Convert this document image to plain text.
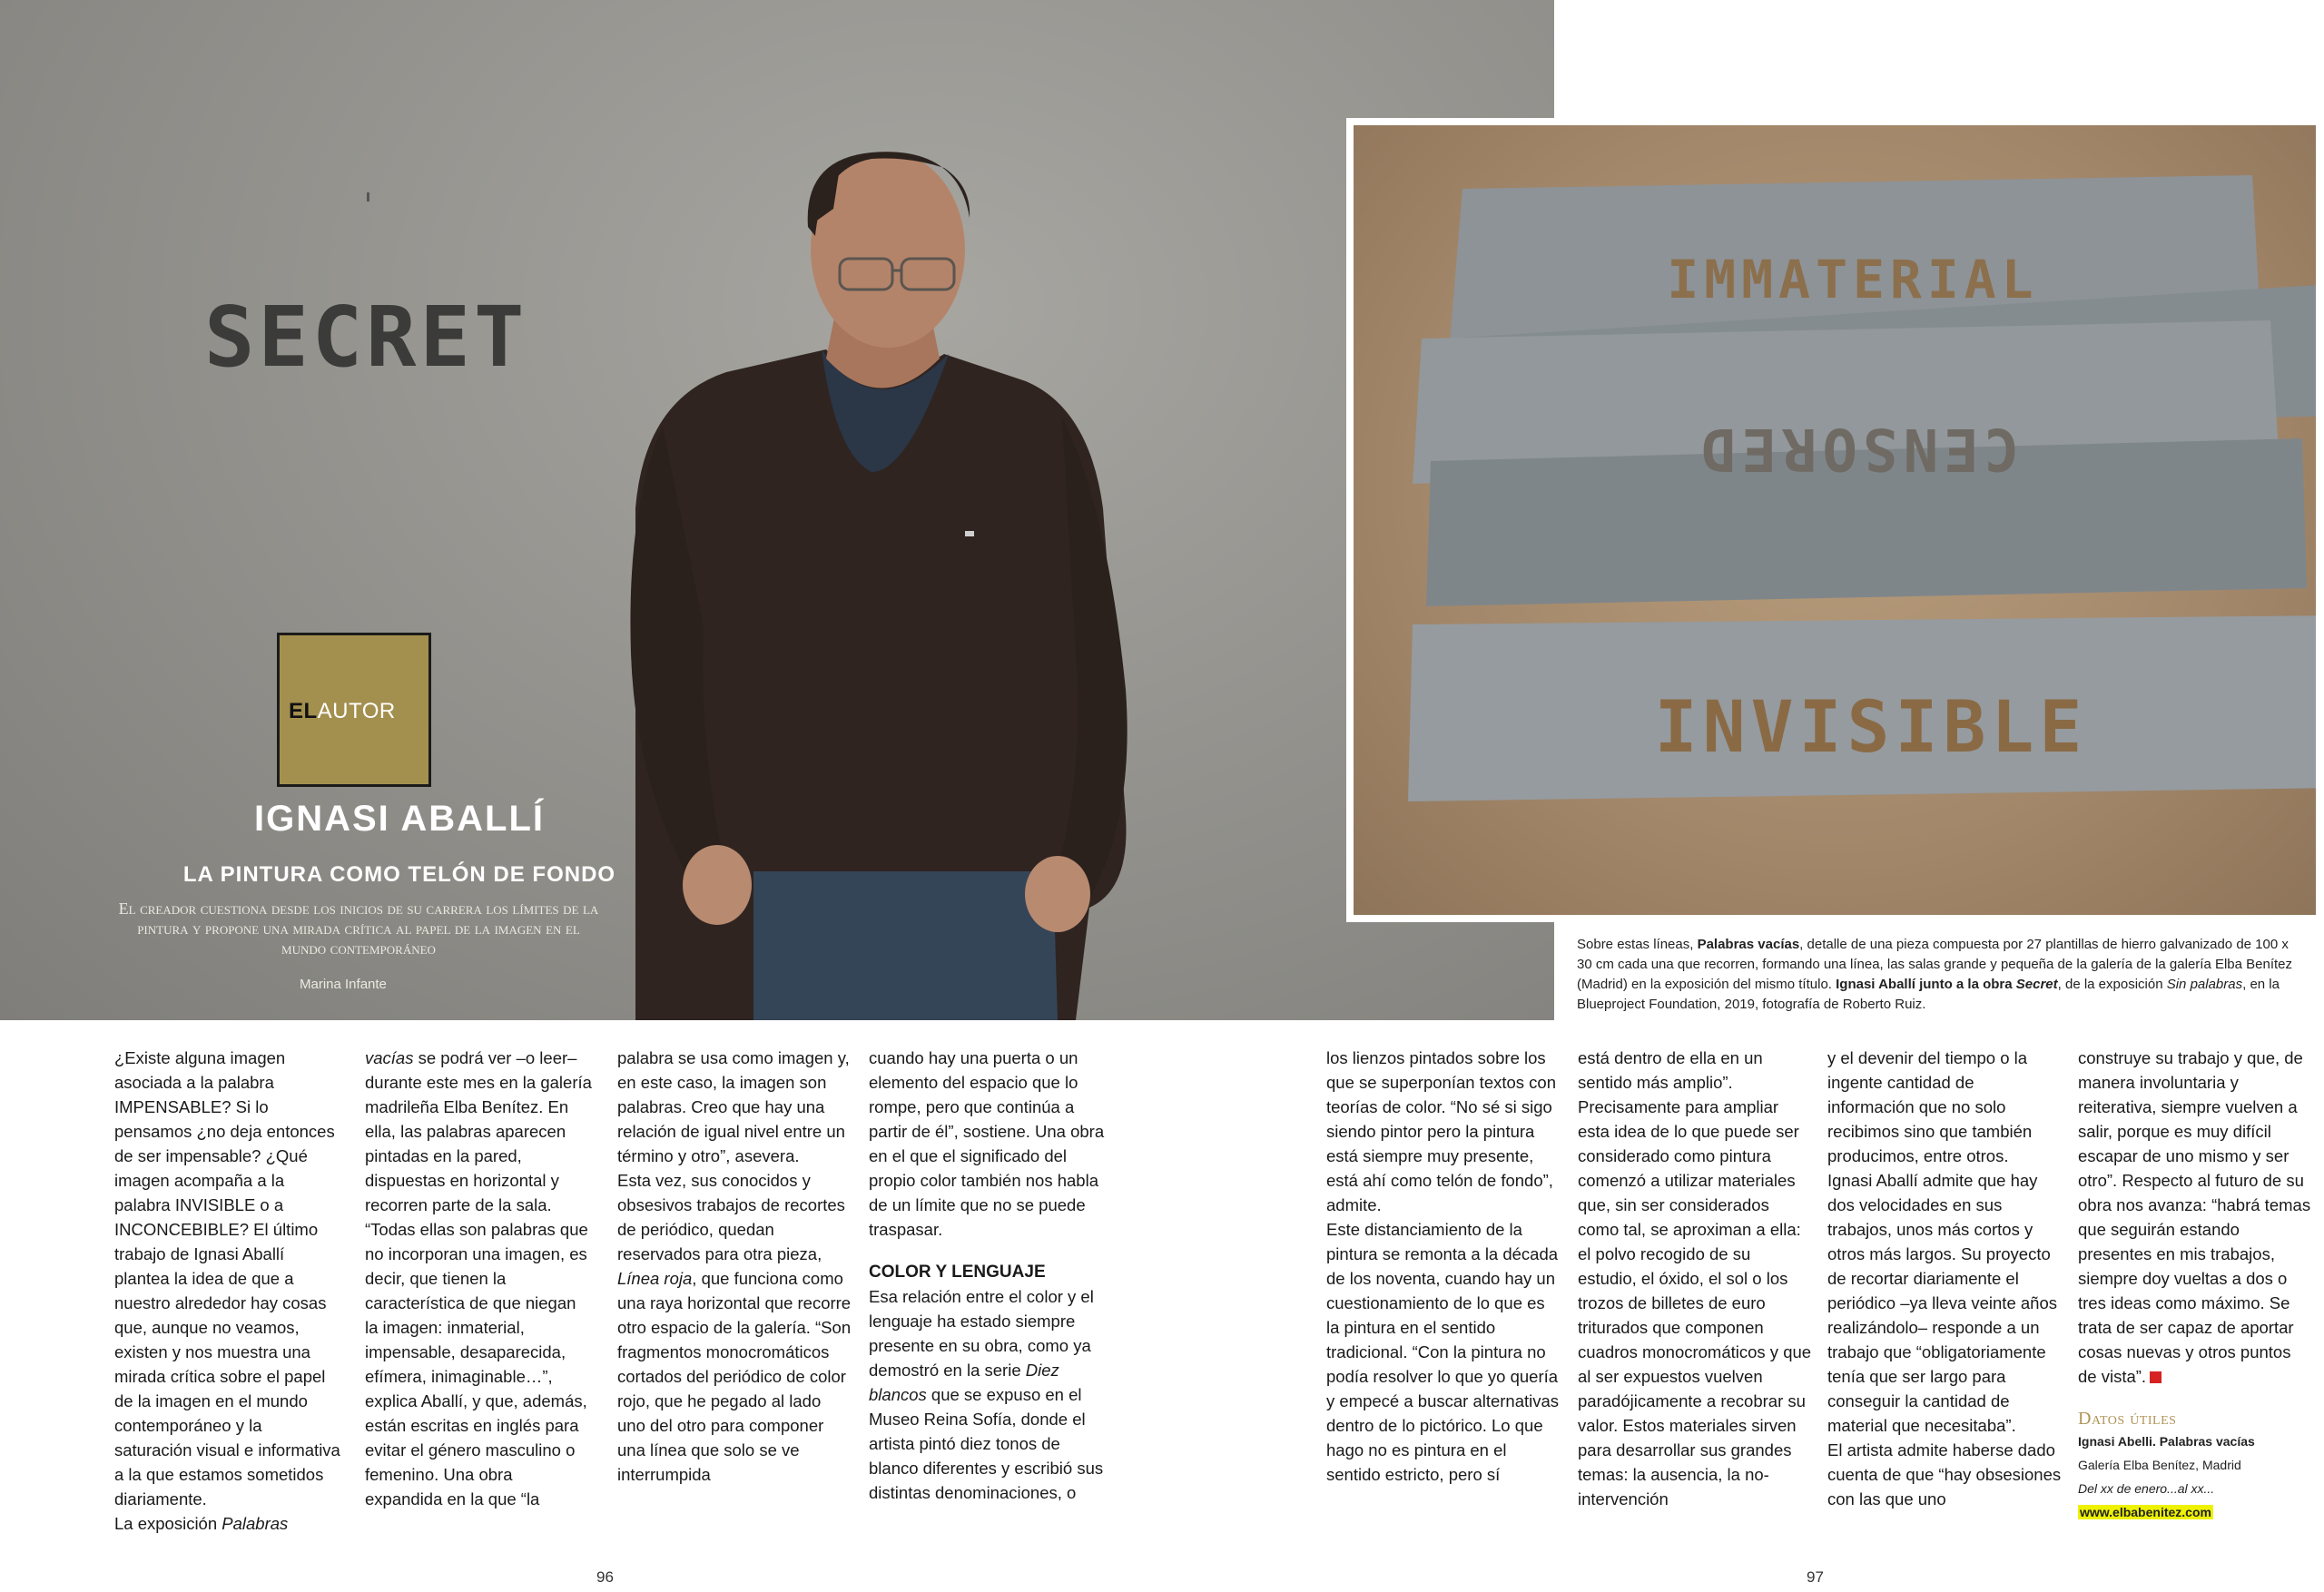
SECRET
IMMATERIAL
CENSORED
INVISIBLE
ELAUTOR
IGNASI ABALLÍ
LA PINTURA COMO TELÓN DE FONDO
El creador cuestiona desde los inicios de su carrera los límites de la pintura y propone una mirada crítica al papel de la imagen en el mundo contemporáneo
Marina Infante
Sobre estas líneas, Palabras vacías, detalle de una pieza compuesta por 27 plantillas de hierro galvanizado de 100 x 30 cm cada una que recorren, formando una línea, las salas grande y pequeña de la galería de la galería Elba Benítez (Madrid) en la exposición del mismo título. Ignasi Aballí junto a la obra Secret, de la exposición Sin palabras, en la Blueproject Foundation, 2019, fotografía de Roberto Ruiz.

¿Existe alguna imagen asociada a la palabra IMPENSABLE? Si lo pensamos ¿no deja entonces de ser impensable? ¿Qué imagen acompaña a la palabra INVISIBLE o a INCONCEBIBLE? El último trabajo de Ignasi Aballí plantea la idea de que a nuestro alrededor hay cosas que, aunque no veamos, existen y nos muestra una mirada crítica sobre el papel de la imagen en el mundo contemporáneo y la saturación visual e informativa a la que estamos sometidos diariamente.

La exposición Palabras

vacías se podrá ver –o leer– durante este mes en la galería madrileña Elba Benítez. En ella, las palabras aparecen pintadas en la pared, dispuestas en horizontal y recorren parte de la sala. “Todas ellas son palabras que no incorporan una imagen, es decir, que tienen la característica de que niegan la imagen: inmaterial, impensable, desaparecida, efímera, inimaginable…”, explica Aballí, y que, además, están escritas en inglés para evitar el género masculino o femenino. Una obra expandida en la que “la

palabra se usa como imagen y, en este caso, la imagen son palabras. Creo que hay una relación de igual nivel entre un término y otro”, asevera.

Esta vez, sus conocidos y obsesivos trabajos de recortes de periódico, quedan reservados para otra pieza, Línea roja, que funciona como una raya horizontal que recorre otro espacio de la galería. “Son fragmentos monocromáticos cortados del periódico de color rojo, que he pegado al lado uno del otro para componer una línea que solo se ve interrumpida

cuando hay una puerta o un elemento del espacio que lo rompe, pero que continúa a partir de él”, sostiene. Una obra en el que el significado del propio color también nos habla de un límite que no se puede traspasar.

COLOR Y LENGUAJE

Esa relación entre el color y el lenguaje ha estado siempre presente en su obra, como ya demostró en la serie Diez blancos que se expuso en el Museo Reina Sofía, donde el artista pintó diez tonos de blanco diferentes y escribió sus distintas denominaciones, o

los lienzos pintados sobre los que se superponían textos con teorías de color. “No sé si sigo siendo pintor pero la pintura está siempre muy presente, está ahí como telón de fondo”, admite.

Este distanciamiento de la pintura se remonta a la década de los noventa, cuando hay un cuestionamiento de lo que es la pintura en el sentido tradicional. “Con la pintura no podía resolver lo que yo quería y empecé a buscar alternativas dentro de lo pictórico. Lo que hago no es pintura en el sentido estricto, pero sí

está dentro de ella en un sentido más amplio”.

Precisamente para ampliar esta idea de lo que puede ser considerado como pintura comenzó a utilizar materiales que, sin ser considerados como tal, se aproximan a ella: el polvo recogido de su estudio, el óxido, el sol o los trozos de billetes de euro triturados que componen cuadros monocromáticos y que al ser expuestos vuelven paradójicamente a recobrar su valor. Estos materiales sirven para desarrollar sus grandes temas: la ausencia, la no-intervención

y el devenir del tiempo o la ingente cantidad de información que no solo recibimos sino que también producimos, entre otros.

Ignasi Aballí admite que hay dos velocidades en sus trabajos, unos más cortos y otros más largos. Su proyecto de recortar diariamente el periódico –ya lleva veinte años realizándolo– responde a un trabajo que “obligatoriamente tenía que ser largo para conseguir la cantidad de material que necesitaba”.

El artista admite haberse dado cuenta de que “hay obsesiones con las que uno

construye su trabajo y que, de manera involuntaria y reiterativa, siempre vuelven a salir, porque es muy difícil escapar de uno mismo y ser otro”. Respecto al futuro de su obra nos avanza: “habrá temas que seguirán estando presentes en mis trabajos, siempre doy vueltas a dos o tres ideas como máximo. Se trata de ser capaz de aportar cosas nuevas y otros puntos de vista”.

Datos útiles
Ignasi Abelli. Palabras vacías
Galería Elba Benítez, Madrid
Del xx de enero...al xx...
www.elbabenitez.com
96	97
